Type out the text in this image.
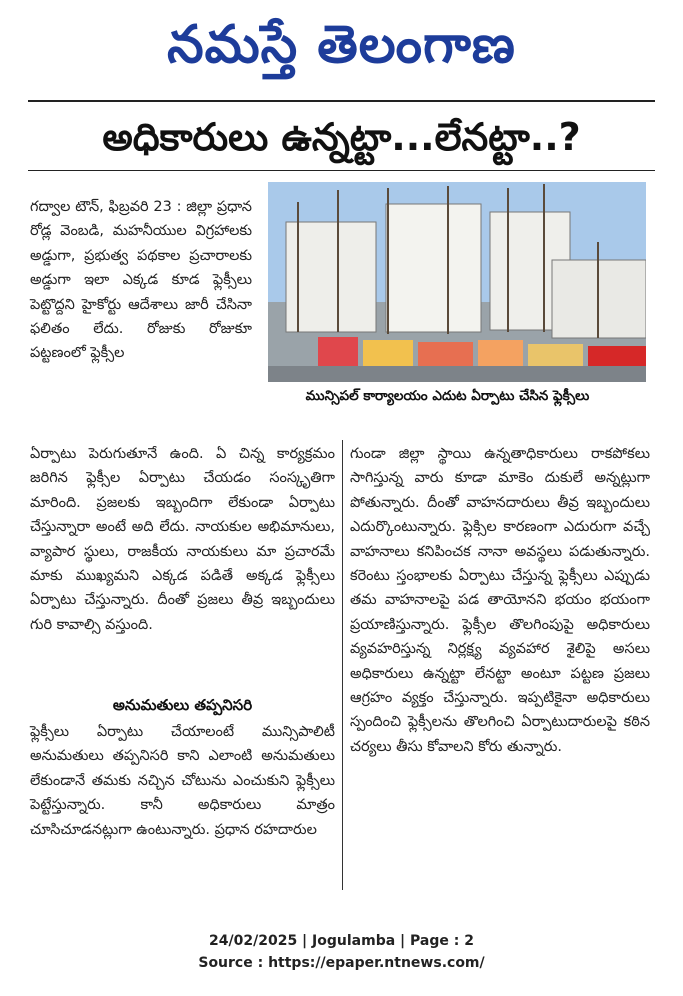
నమస్తే తెలంగాణ
అధికారులు ఉన్నట్టా...లేనట్టా..?
మున్సిపల్ కార్యాలయం ఎదుట ఏర్పాటు చేసిన ఫ్లెక్సీలు

గద్వాల టౌన్, ఫిబ్రవరి 23 : జిల్లా ప్రధాన రోడ్ల వెంబడి, మహనీయుల విగ్రహాలకు అడ్డుగా, ప్రభుత్వ పథకాల ప్రచారాలకు అడ్డుగా ఇలా ఎక్కడ కూడ ఫ్లెక్సీలు పెట్టొద్దని హైకోర్టు ఆదేశాలు జారీ చేసినా ఫలితం లేదు. రోజుకు రోజుకూ పట్టణంలో ఫ్లెక్సీల

ఏర్పాటు పెరుగుతూనే ఉంది. ఏ చిన్న కార్యక్రమం జరిగిన ఫ్లెక్సీల ఏర్పాటు చేయడం సంస్కృతిగా మారింది. ప్రజలకు ఇబ్బందిగా లేకుండా ఏర్పాటు చేస్తున్నారా అంటే అది లేదు. నాయకుల అభిమానులు, వ్యాపార స్థులు, రాజకీయ నాయకులు మా ప్రచారమే మాకు ముఖ్యమని ఎక్కడ పడితే అక్కడ ఫ్లెక్సీలు ఏర్పాటు చేస్తున్నారు. దీంతో ప్రజలు తీవ్ర ఇబ్బందులు గురి కావాల్సి వస్తుంది.

అనుమతులు తప్పనిసరి

ఫ్లెక్సీలు ఏర్పాటు చేయాలంటే మున్సిపాలిటీ అనుమతులు తప్పనిసరి కాని ఎలాంటి అనుమతులు లేకుండానే తమకు నచ్చిన చోటును ఎంచుకుని ఫ్లెక్సీలు పెట్టేస్తున్నారు. కానీ అధికారులు మాత్రం చూసిచూడనట్లుగా ఉంటున్నారు. ప్రధాన రహదారుల

గుండా జిల్లా స్థాయి ఉన్నతాధికారులు రాకపోకలు సాగిస్తున్న వారు కూడా మాకెం దుకులే అన్నట్లుగా పోతున్నారు. దీంతో వాహనదారులు తీవ్ర ఇబ్బందులు ఎదుర్కొంటున్నారు. ఫ్లెక్సిల కారణంగా ఎదురుగా వచ్చే వాహనాలు కనిపించక నానా అవస్థలు పడుతున్నారు. కరెంటు స్తంభాలకు ఏర్పాటు చేస్తున్న ఫ్లెక్సీలు ఎప్పుడు తమ వాహనాలపై పడ తాయోనని భయం భయంగా ప్రయాణిస్తున్నారు. ఫ్లెక్సీల తొలగింపుపై అధికారులు వ్యవహరిస్తున్న నిర్లక్ష్య వ్యవహార శైలిపై అసలు అధికారులు ఉన్నట్టా లేనట్టా అంటూ పట్టణ ప్రజలు ఆగ్రహం వ్యక్తం చేస్తున్నారు. ఇప్పటికైనా అధికారులు స్పందించి ఫ్లెక్సీలను తొలగించి ఏర్పాటుదారులపై కఠిన చర్యలు తీసు కోవాలని కోరు తున్నారు.

24/02/2025 | Jogulamba | Page : 2
Source : https://epaper.ntnews.com/
